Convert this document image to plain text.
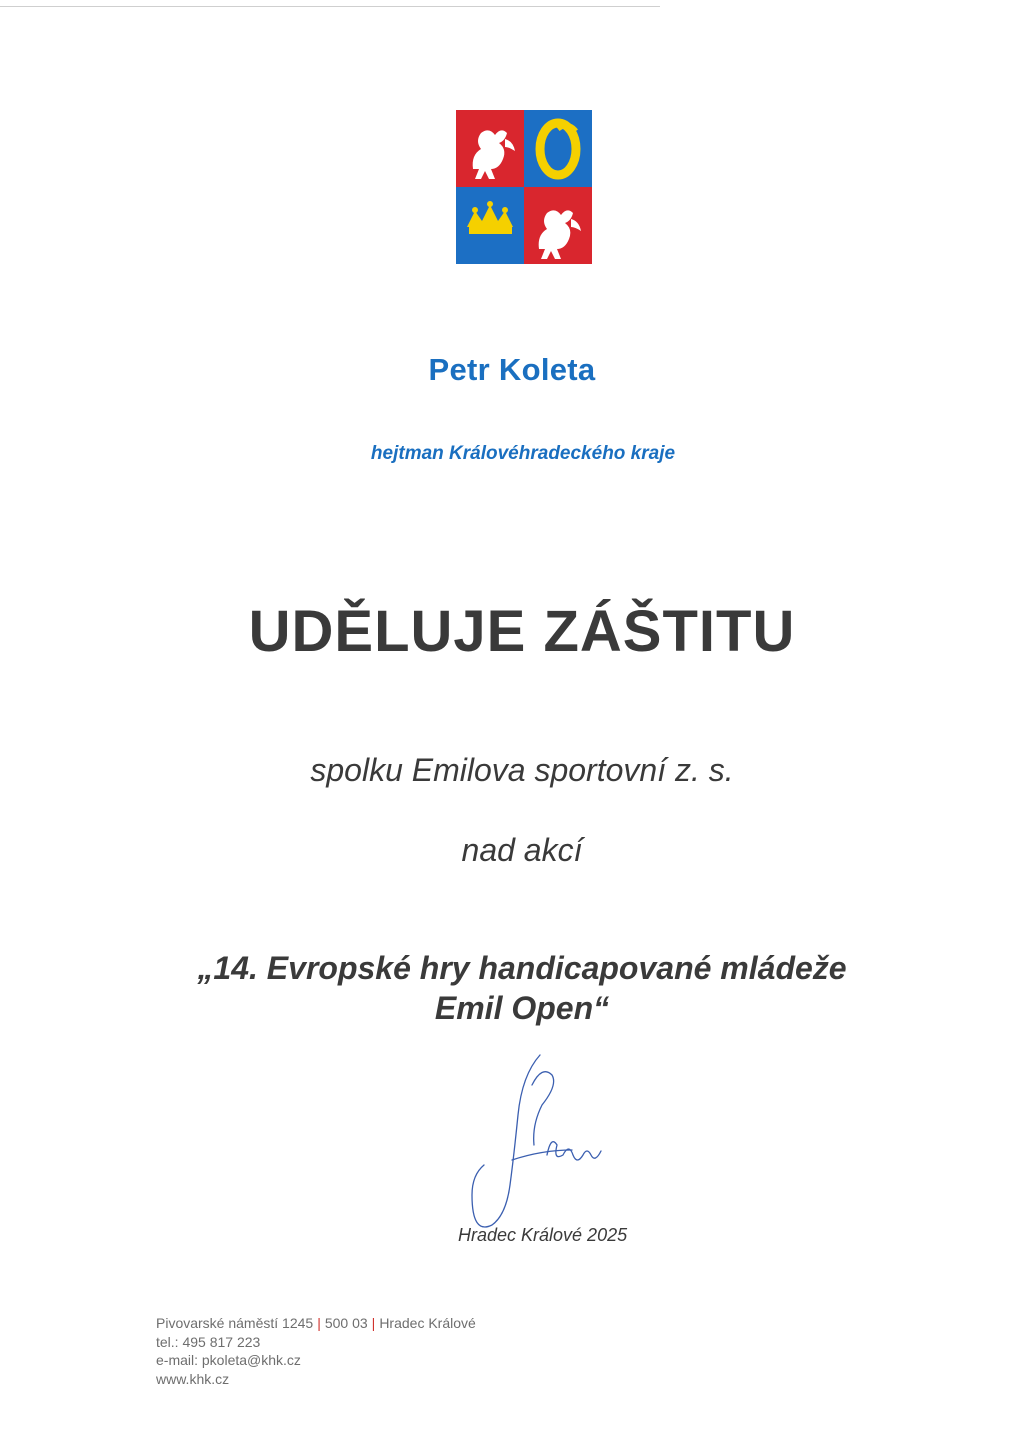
Petr Koleta
hejtman Královéhradeckého kraje
UDĚLUJE ZÁŠTITU
spolku Emilova sportovní z. s.
nad akcí
„14. Evropské hry handicapované mládeže
Emil Open“
Hradec Králové 2025
Pivovarské náměstí 1245 | 500 03 | Hradec Králové
tel.: 495 817 223
e-mail: pkoleta@khk.cz
www.khk.cz
